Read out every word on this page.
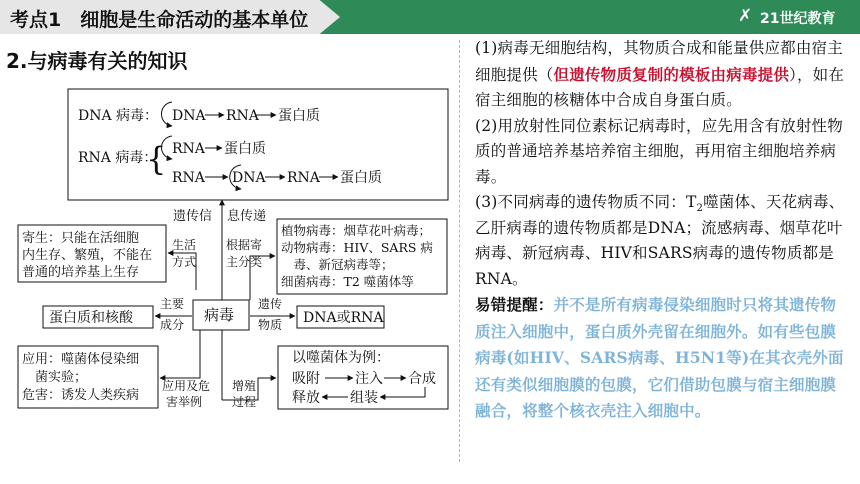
考点1　细胞是生命活动的基本单位	✗ 21世纪教育
2.与病毒有关的知识
DNA 病毒： DNA RNA 蛋白质
RNA 病毒：
{ RNA 蛋白质
RNA DNA RNA 蛋白质
遗传信 息传递
寄生：只能在活细胞
内生存、繁殖，不能在
普通的培养基上生存
生活
方式
根据寄
主分类
植物病毒：烟草花叶病毒；
动物病毒：HIV、SARS 病
　毒、新冠病毒等；
细菌病毒：T2 噬菌体等
蛋白质和核酸
主要
成分
病毒
遗传
物质 DNA或RNA
应用：噬菌体侵染细
　菌实验；
危害：诱发人类疾病
应用及危
害举例
增殖
过程
以噬菌体为例：
吸附	注入 合成
释放 组装

(1)病毒无细胞结构，其物质合成和能量供应都由宿主细胞提供（但遗传物质复制的模板由病毒提供），如在宿主细胞的核糖体中合成自身蛋白质。

(2)用放射性同位素标记病毒时，应先用含有放射性物质的普通培养基培养宿主细胞，再用宿主细胞培养病毒。

(3)不同病毒的遗传物质不同：$T_2$噬菌体、天花病毒、乙肝病毒的遗传物质都是DNA；流感病毒、烟草花叶病毒、新冠病毒、HIV和SARS病毒的遗传物质都是RNA。

易错提醒：并不是所有病毒侵染细胞时只将其遗传物质注入细胞中，蛋白质外壳留在细胞外。如有些包膜病毒(如HIV、SARS病毒、H5N1等)在其衣壳外面还有类似细胞膜的包膜，它们借助包膜与宿主细胞膜融合，将整个核衣壳注入细胞中。
